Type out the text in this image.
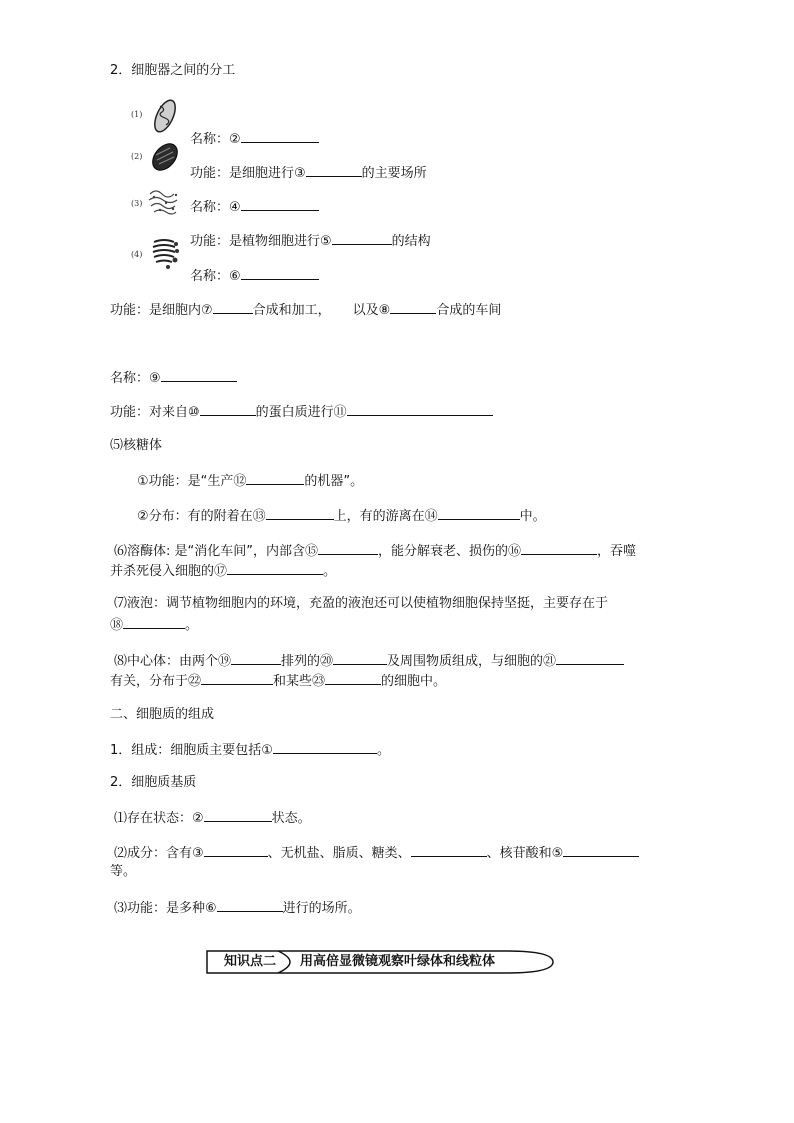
2．细胞器之间的分工
(1)
(2)
(3)
(4)
名称：②
功能：是细胞进行③	的主要场所
名称：④
功能：是植物细胞进行⑤	的结构
名称：⑥
功能：是细胞内⑦	合成和加工， 以及⑧	合成的车间
名称：⑨
功能：对来自⑩	的蛋白质进行⑪
⑸核糖体
①功能：是“生产⑫	的机器”。
②分布：有的附着在⑬	上，有的游离在⑭	中。
⑹溶酶体: 是“消化车间”，内部含⑮	，能分解衰老、损伤的⑯	，吞噬
并杀死侵入细胞的⑰	。
⑺液泡：调节植物细胞内的环境，充盈的液泡还可以使植物细胞保持坚挺，主要存在于
⑱	。
⑻中心体：由两个⑲	排列的⑳	及周围物质组成，与细胞的㉑
有关，分布于㉒	和某些㉓	的细胞中。
二、细胞质的组成
1．组成：细胞质主要包括①	。
2．细胞质基质
⑴存在状态：②	状态。
⑵成分：含有③	、无机盐、脂质、糖类、	、核苷酸和⑤
等。
⑶功能：是多种⑥	进行的场所。
知识点二 用高倍显微镜观察叶绿体和线粒体
